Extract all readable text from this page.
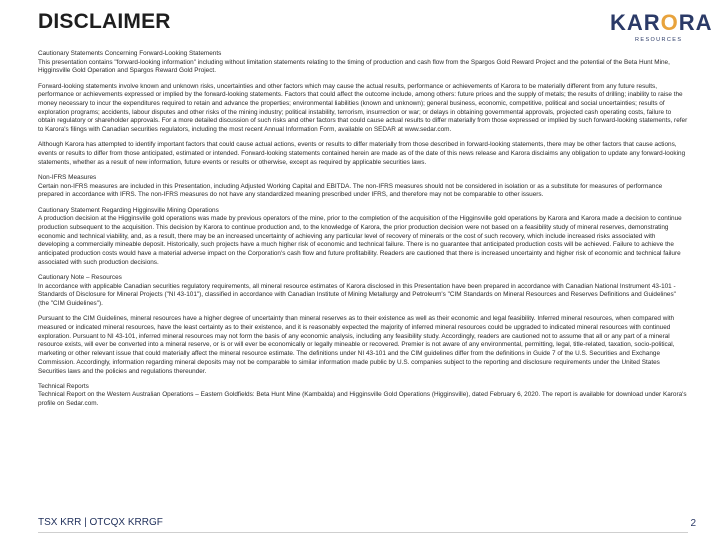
DISCLAIMER	KARORA
RESOURCES
Cautionary Statements Concerning Forward-Looking Statements
This presentation contains "forward-looking information" including without limitation statements relating to the timing of production and cash flow from the Spargos Gold Reward Project and the potential of the Beta Hunt Mine, Higginsville Gold Operation and Spargos Reward Gold Project.
Forward-looking statements involve known and unknown risks, uncertainties and other factors which may cause the actual results, performance or achievements of Karora to be materially different from any future results, performance or achievements expressed or implied by the forward-looking statements. Factors that could affect the outcome include, among others: future prices and the supply of metals; the results of drilling; inability to raise the money necessary to incur the expenditures required to retain and advance the properties; environmental liabilities (known and unknown); general business, economic, competitive, political and social uncertainties; results of exploration programs; accidents, labour disputes and other risks of the mining industry; political instability, terrorism, insurrection or war; or delays in obtaining governmental approvals, projected cash operating costs, failure to obtain regulatory or shareholder approvals. For a more detailed discussion of such risks and other factors that could cause actual results to differ materially from those expressed or implied by such forward-looking statements, refer to Karora's filings with Canadian securities regulators, including the most recent Annual Information Form, available on SEDAR at www.sedar.com.
Although Karora has attempted to identify important factors that could cause actual actions, events or results to differ materially from those described in forward-looking statements, there may be other factors that cause actions, events or results to differ from those anticipated, estimated or intended. Forward-looking statements contained herein are made as of the date of this news release and Karora disclaims any obligation to update any forward-looking statements, whether as a result of new information, future events or results or otherwise, except as required by applicable securities laws.
Non-IFRS Measures
Certain non-IFRS measures are included in this Presentation, including Adjusted Working Capital and EBITDA. The non-IFRS measures should not be considered in isolation or as a substitute for measures of performance prepared in accordance with IFRS. The non-IFRS measures do not have any standardized meaning prescribed under IFRS, and therefore may not be comparable to other issuers.
Cautionary Statement Regarding Higginsville Mining Operations
A production decision at the Higginsville gold operations was made by previous operators of the mine, prior to the completion of the acquisition of the Higginsville gold operations by Karora and Karora made a decision to continue production subsequent to the acquisition. This decision by Karora to continue production and, to the knowledge of Karora, the prior production decision were not based on a feasibility study of mineral reserves, demonstrating economic and technical viability, and, as a result, there may be an increased uncertainty of achieving any particular level of recovery of minerals or the cost of such recovery, which include increased risks associated with developing a commercially mineable deposit. Historically, such projects have a much higher risk of economic and technical failure. There is no guarantee that anticipated production costs will be achieved. Failure to achieve the anticipated production costs would have a material adverse impact on the Corporation's cash flow and future profitability. Readers are cautioned that there is increased uncertainty and higher risk of economic and technical failure associated with such production decisions.
Cautionary Note – Resources
In accordance with applicable Canadian securities regulatory requirements, all mineral resource estimates of Karora disclosed in this Presentation have been prepared in accordance with Canadian National Instrument 43-101 - Standards of Disclosure for Mineral Projects ("NI 43-101"), classified in accordance with Canadian Institute of Mining Metallurgy and Petroleum's "CIM Standards on Mineral Resources and Reserves Definitions and Guidelines" (the "CIM Guidelines").
Pursuant to the CIM Guidelines, mineral resources have a higher degree of uncertainty than mineral reserves as to their existence as well as their economic and legal feasibility. Inferred mineral resources, when compared with measured or indicated mineral resources, have the least certainty as to their existence, and it is reasonably expected the majority of inferred mineral resources could be upgraded to indicated mineral resources with continued exploration. Pursuant to NI 43-101, inferred mineral resources may not form the basis of any economic analysis, including any feasibility study. Accordingly, readers are cautioned not to assume that all or any part of a mineral resource exists, will ever be converted into a mineral reserve, or is or will ever be economically or legally mineable or recovered. Premier is not aware of any environmental, permitting, legal, title-related, taxation, socio-political, marketing or other relevant issue that could materially affect the mineral resource estimate. The definitions under NI 43-101 and the CIM guidelines differ from the definitions in Guide 7 of the U.S. Securities and Exchange Commission. Accordingly, information regarding mineral deposits may not be comparable to similar information made public by U.S. companies subject to the reporting and disclosure requirements under the United States Securities laws and the policies and regulations thereunder.
Technical Reports
Technical Report on the Western Australian Operations – Eastern Goldfields: Beta Hunt Mine (Kambalda) and Higginsville Gold Operations (Higginsville), dated February 6, 2020. The report is available for download under Karora's profile on Sedar.com.
TSX KRR | OTCQX KRRGF	2
